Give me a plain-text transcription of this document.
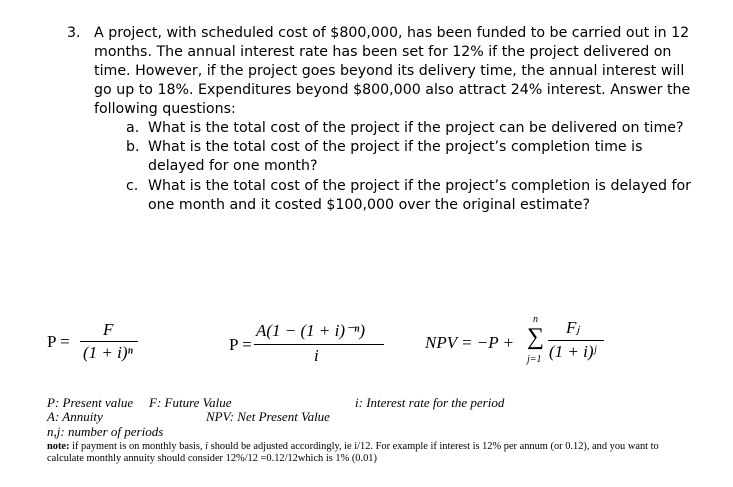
3. A project, with scheduled cost of $800,000, has been funded to be carried out in 12
months. The annual interest rate has been set for 12% if the project delivered on
time. However, if the project goes beyond its delivery time, the annual interest will
go up to 18%. Expenditures beyond $800,000 also attract 24% interest. Answer the
following questions:
a. What is the total cost of the project if the project can be delivered on time?
b. What is the total cost of the project if the project’s completion time is
delayed for one month?
c. What is the total cost of the project if the project’s completion is delayed for
one month and it costed $100,000 over the original estimate?
P =
F
(1 + i)ⁿ	P =
A(1 − (1 + i)⁻ⁿ)
i
NPV = −P +
n
∑
j=1
Fⱼ
(1 + i)ʲ
P: Present value F: Future Value	i: Interest rate for the period
A: Annuity	NPV: Net Present Value
n,j: number of periods
note: if payment is on monthly basis, i should be adjusted accordingly, ie i/12. For example if interest is 12% per annum (or 0.12), and you want to
calculate monthly annuity should consider 12%/12 =0.12/12which is 1% (0.01)
